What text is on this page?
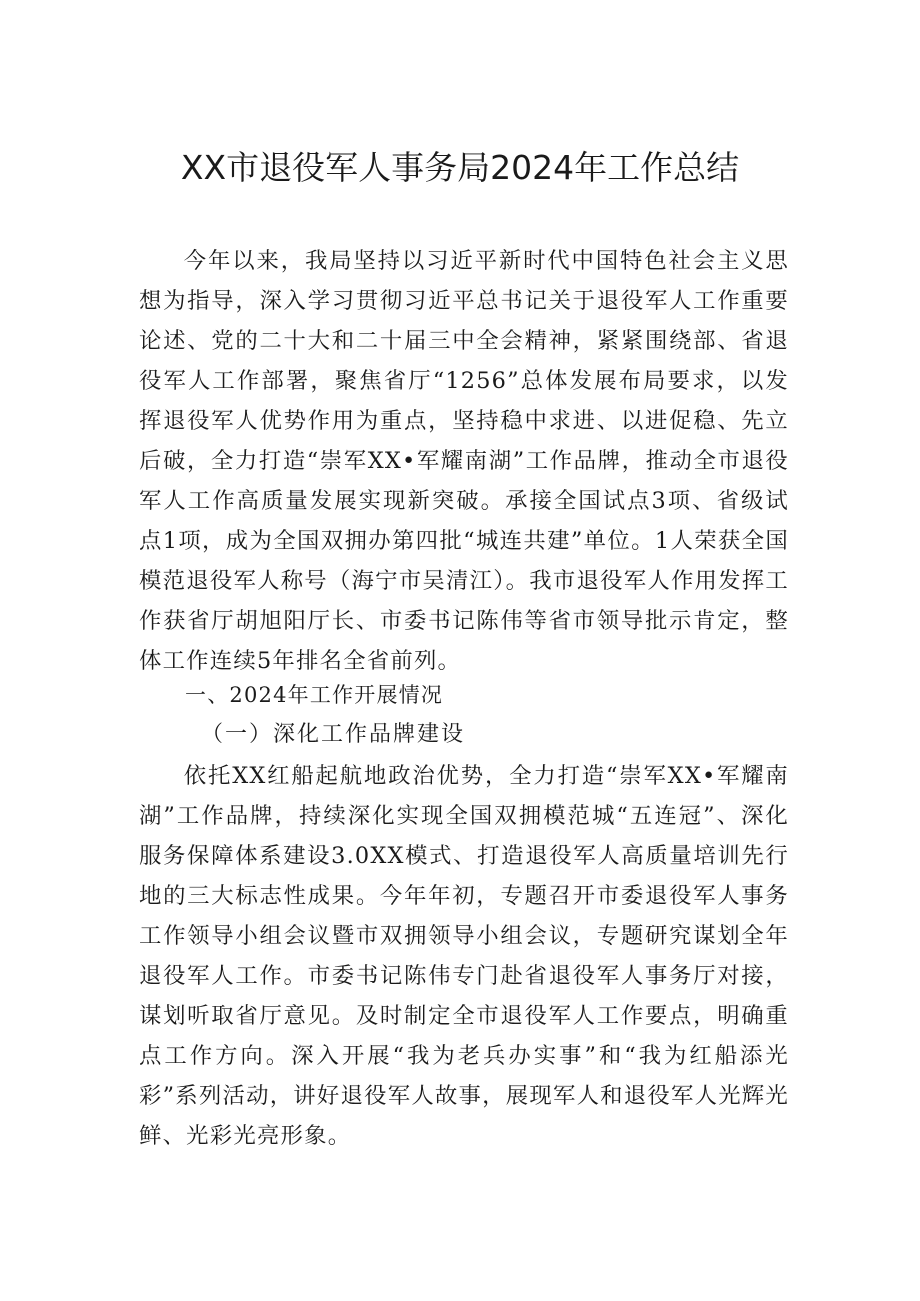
XX市退役军人事务局2024年工作总结

今年以来，我局坚持以习近平新时代中国特色社会主义思想为指导，深入学习贯彻习近平总书记关于退役军人工作重要论述、党的二十大和二十届三中全会精神，紧紧围绕部、省退役军人工作部署，聚焦省厅“1256”总体发展布局要求，以发挥退役军人优势作用为重点，坚持稳中求进、以进促稳、先立后破，全力打造“崇军XX•军耀南湖”工作品牌，推动全市退役军人工作高质量发展实现新突破。承接全国试点3项、省级试点1项，成为全国双拥办第四批“城连共建”单位。1人荣获全国模范退役军人称号（海宁市吴清江）。我市退役军人作用发挥工作获省厅胡旭阳厅长、市委书记陈伟等省市领导批示肯定，整体工作连续5年排名全省前列。

一、2024年工作开展情况

（一）深化工作品牌建设

依托XX红船起航地政治优势，全力打造“崇军XX•军耀南湖”工作品牌，持续深化实现全国双拥模范城“五连冠”、深化服务保障体系建设3.0XX模式、打造退役军人高质量培训先行地的三大标志性成果。今年年初，专题召开市委退役军人事务工作领导小组会议暨市双拥领导小组会议，专题研究谋划全年退役军人工作。市委书记陈伟专门赴省退役军人事务厅对接，谋划听取省厅意见。及时制定全市退役军人工作要点，明确重点工作方向。深入开展“我为老兵办实事”和“我为红船添光彩”系列活动，讲好退役军人故事，展现军人和退役军人光辉光鲜、光彩光亮形象。
